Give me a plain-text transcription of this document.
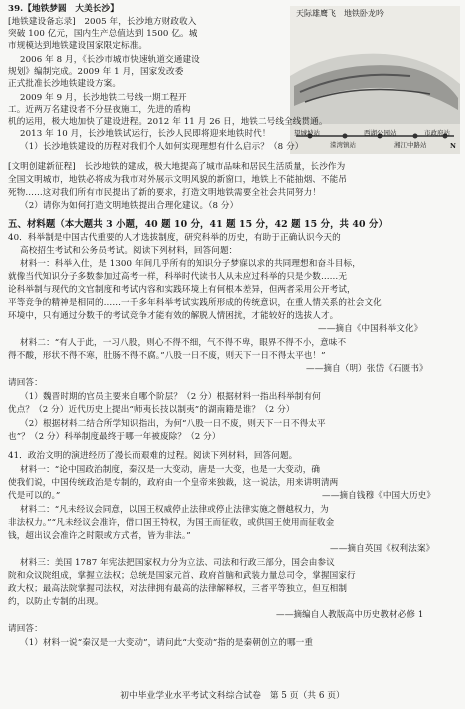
天际雄鹰飞　地铁卧龙吟
望城坡站
溁湾镇站
西湖公园站
湘江中路站
市政府站
N
39.【地铁梦圆　大美长沙】
[地铁建设备忘录]　2005 年，长沙地方财政收入
突破 100 亿元，国内生产总值达到 1500 亿。城
市规模达到地铁建设国家限定标准。
2006 年 8 月，《长沙市城市快速轨道交通建设
规划》编制完成。2009 年 1 月，国家发改委
正式批准长沙地铁建设方案。
2009 年 9 月，长沙地铁二号线一期工程开
工。近两万名建设者不分昼夜施工，先进的盾构
机的运用，极大地加快了建设进程。2012 年 11 月 26 日，地铁二号线全线贯通。
2013 年 10 月，长沙地铁试运行，长沙人民即将迎来地铁时代！
（1）长沙地铁建设的历程对我们个人如何实现理想有什么启示？（8 分）
[文明创建新征程]　长沙地铁的建成，极大地提高了城市品味和居民生活质量，长沙作为
全国文明城市，地铁必将成为我市对外展示文明风貌的新窗口，地铁上不能抽烟、不能吊
死物……这对我们所有市民提出了新的要求，打造文明地铁需要全社会共同努力！
（2）请你为如何打造文明地铁提出合理化建议。（8 分）
五、材料题（本大题共 3 小题，40 题 10 分，41 题 15 分，42 题 15 分，共 40 分）
40．科举制是中国古代重要的人才选拔制度，研究科举的历史，有助于正确认识今天的
高校招生考试和公务员考试。阅读下列材料，回答问题：
材料一：科举入仕，是 1300 年间几乎所有的知识分子梦寐以求的共同理想和奋斗目标，
就像当代知识分子多数参加过高考一样，科举时代读书人从未应过科举的只是少数……无
论科举制与现代的文官制度和考试内容和实践环境上有何根本差异，但两者采用公开考试，
平等竞争的精神是相同的……一千多年科举考试实践所形成的传统意识，在重人情关系的社会文化
环境中，只有通过分数千的考试竞争才能有效的解脱人情困扰，才能较好的选拔人才。
——摘自《中国科举文化》
材料二：“有人于此，一习八股，则心不得不细，气不得不卑，眼界不得不小，意味不
得不酸，形状不得不寒，肚肠不得不腐。”八股一日不废，则天下一日不得太平也！”
——摘自（明）张岱《石匮书》
请回答：
（1）魏晋时期的官员主要来自哪个阶层？（2 分）根据材料一指出科举制有何
优点？（2 分）近代历史上提出“师夷长技以制夷”的湖南籍是谁？（2 分）
（2）根据材料二结合所学知识指出，为何“八股一日不废，则天下一日不得太平
也”？（2 分）科举制度最终于哪一年被废除？（2 分）
41．政治文明的演进经历了漫长而艰难的过程。阅读下列材料，回答问题。
材料一：“论中国政治制度，秦汉是一大变动，唐是一大变，也是一大变动，确
使我们说，中国传统政治是专制的，政府由一个皇帝来独裁，这一说法，用来讲明清两
代是可以的。”	——摘自钱穆《中国大历史》
材料二：“凡未经议会同意，以国王权威停止法律或停止法律实施之僭越权力，为
非法权力。”“凡未经议会准许，借口国王特权，为国王而征收，或供国王使用而征收金
钱，超出议会准许之时限或方式者，皆为非法。”
——摘自英国《权利法案》
材料三：美国 1787 年宪法把国家权力分为立法、司法和行政三部分，国会由参议
院和众议院组成，掌握立法权；总统是国家元首、政府首脑和武装力量总司令，掌握国家行
政大权；最高法院掌握司法权，对法律拥有最高的法律解释权，三者平等独立，但互相制
约，以防止专制的出现。
——摘编自人教版高中历史教材必修 1
请回答：
（1）材料一说“秦汉是一大变动”，请问此“大变动”指的是秦朝创立的哪一重
初中毕业学业水平考试文科综合试卷　第 5 页（共 6 页）
